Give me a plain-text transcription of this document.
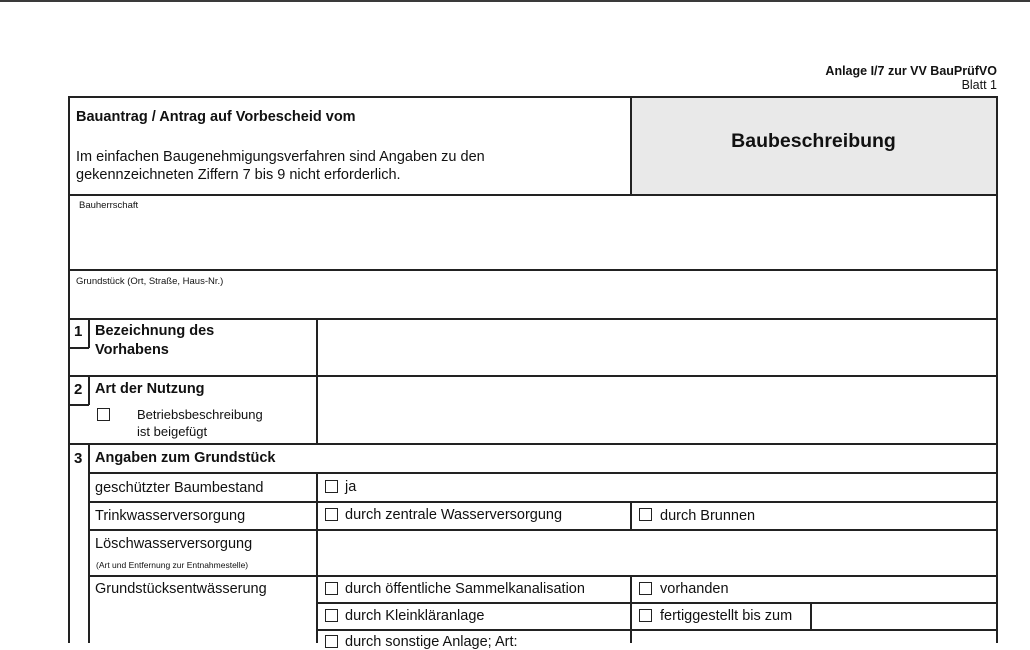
Anlage I/7 zur VV BauPrüfVO
Blatt 1
Bauantrag / Antrag auf Vorbescheid vom
Im einfachen Baugenehmigungsverfahren sind Angaben zu den
gekennzeichneten Ziffern 7 bis 9 nicht erforderlich.
Baubeschreibung
Bauherrschaft
Grundstück (Ort, Straße, Haus-Nr.)
1 Bezeichnung des
Vorhabens
2 Art der Nutzung
Betriebsbeschreibung
ist beigefügt
3 Angaben zum Grundstück
geschützter Baumbestand	ja
Trinkwasserversorgung	durch zentrale Wasserversorgung	durch Brunnen
Löschwasserversorgung
(Art und Entfernung zur Entnahmestelle)
Grundstücksentwässerung	durch öffentliche Sammelkanalisation	vorhanden
durch Kleinkläranlage	fertiggestellt bis zum
durch sonstige Anlage; Art:
